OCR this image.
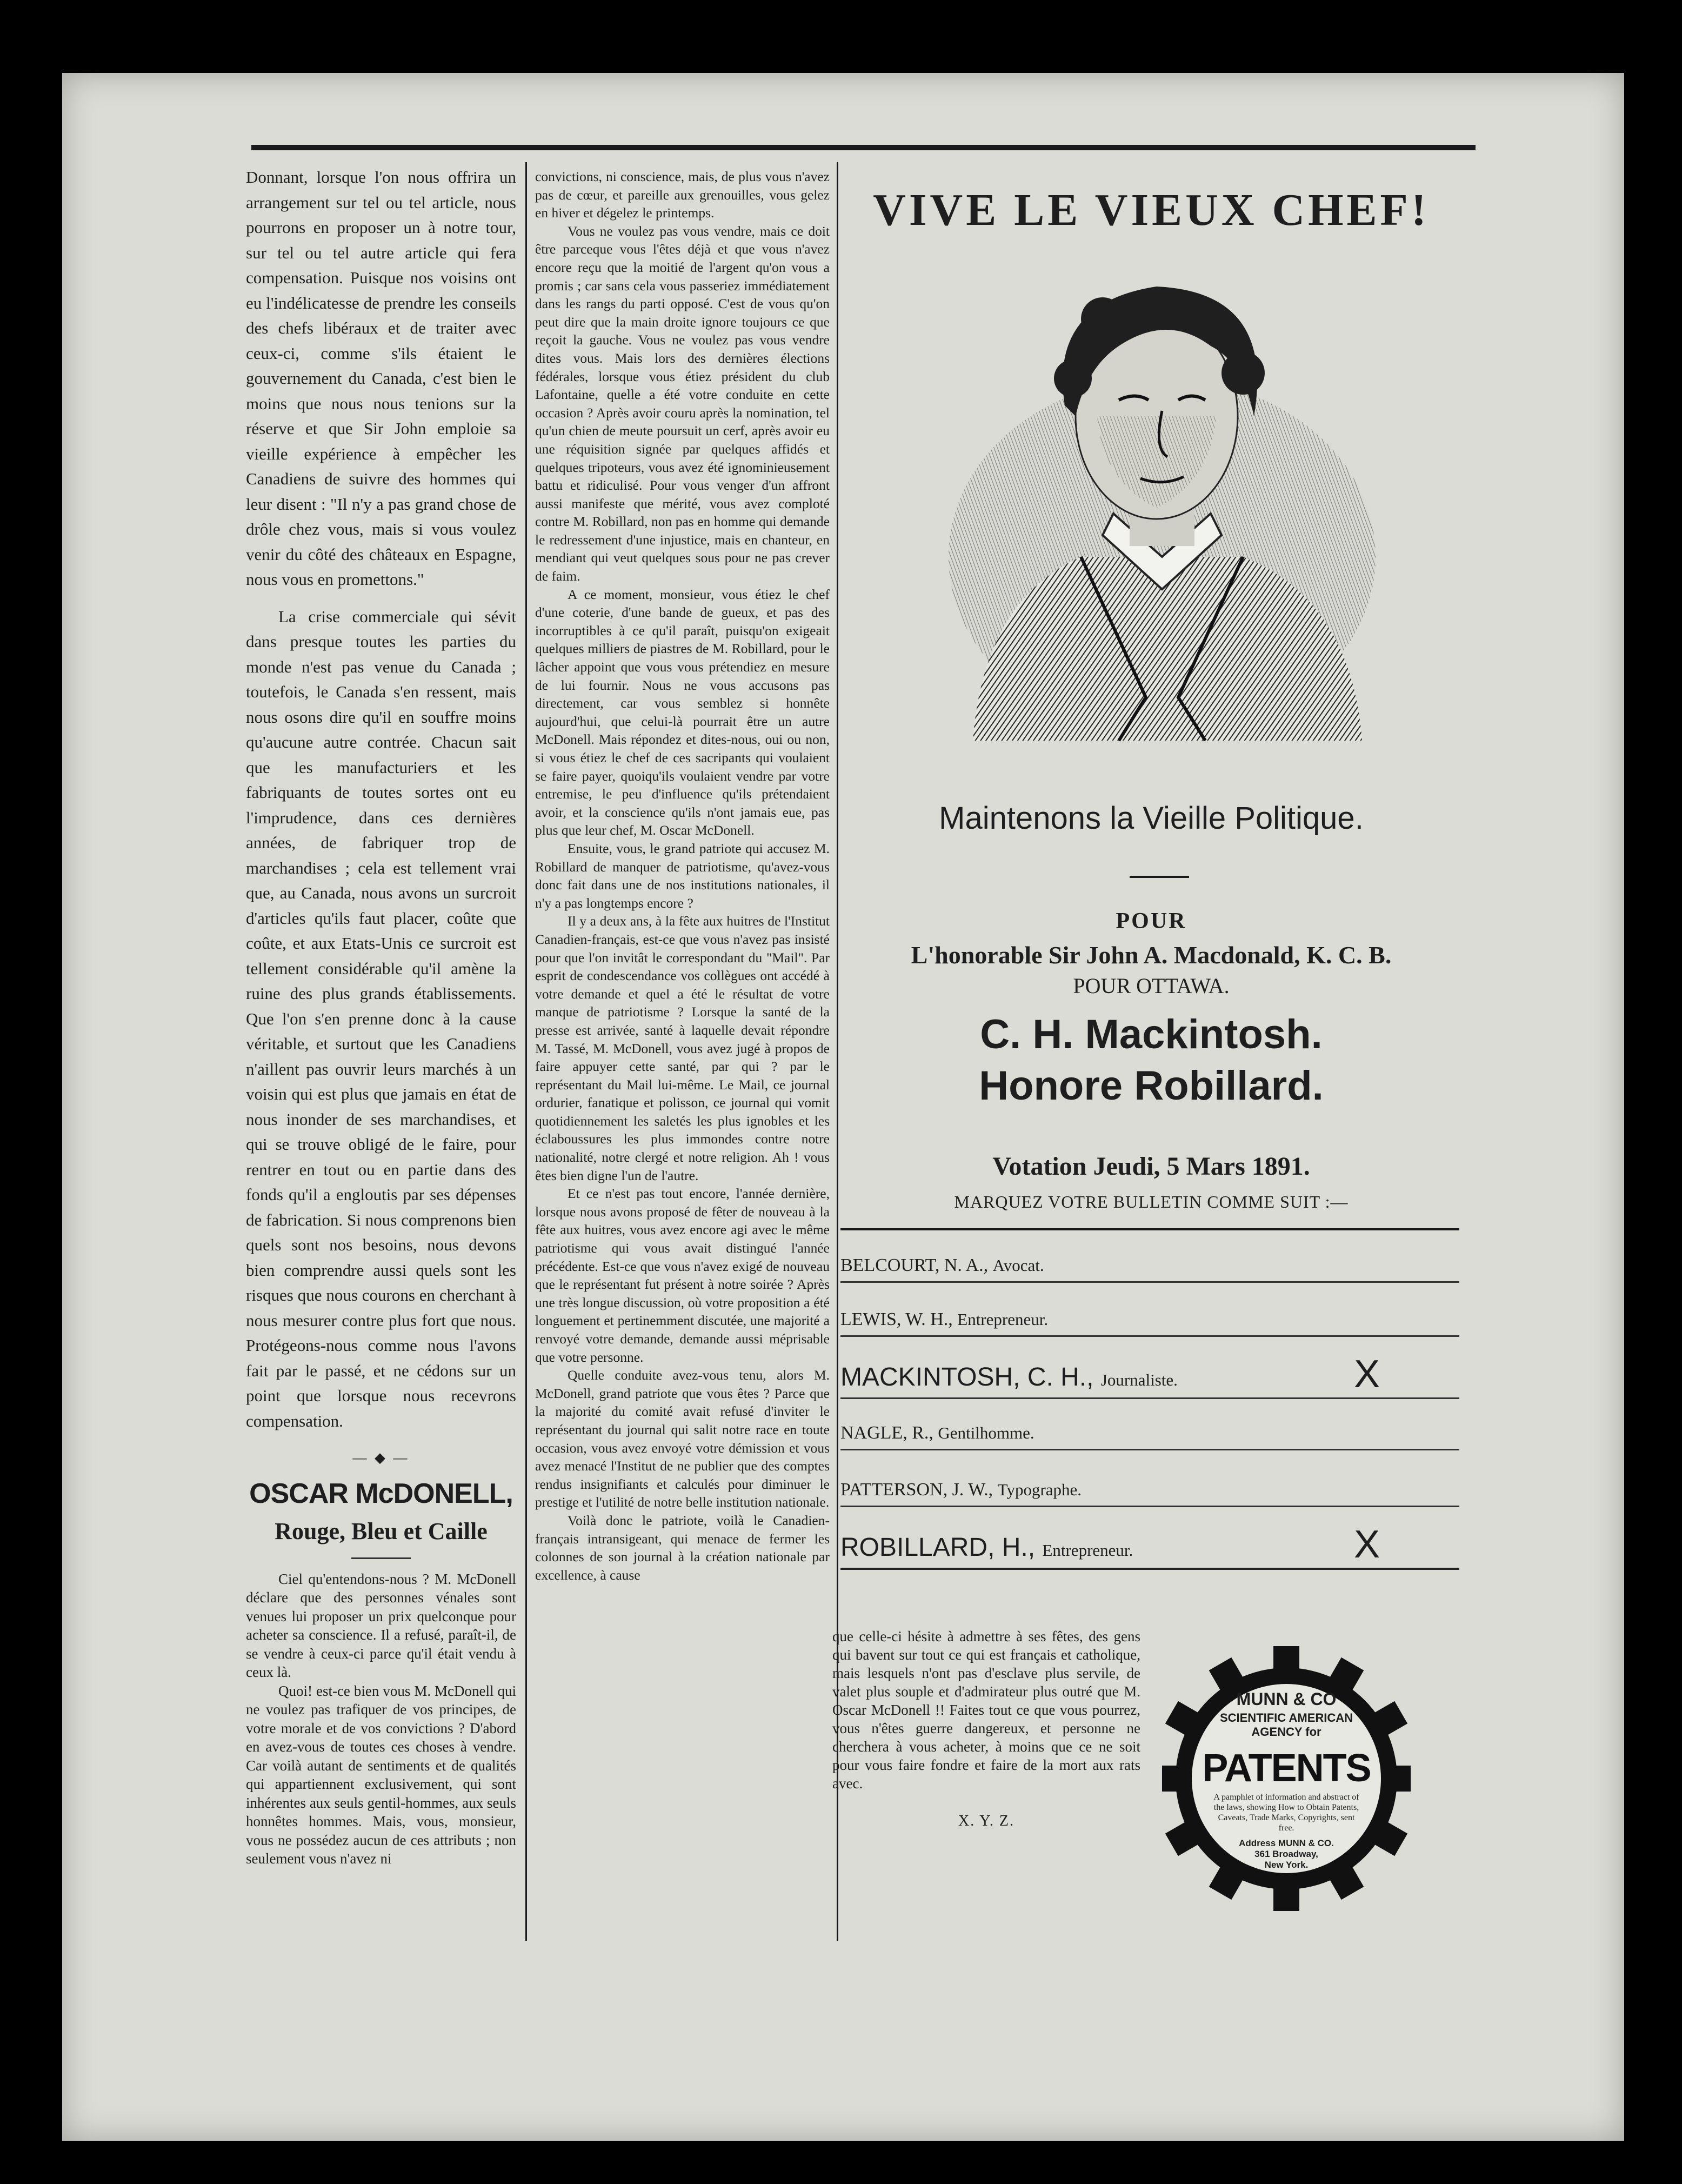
Donnant, lorsque l'on nous offrira un arrangement sur tel ou tel article, nous pourrons en proposer un à notre tour, sur tel ou tel autre article qui fera compensation. Puisque nos voisins ont eu l'indélicatesse de prendre les conseils des chefs libéraux et de traiter avec ceux-ci, comme s'ils étaient le gouvernement du Canada, c'est bien le moins que nous nous tenions sur la réserve et que Sir John emploie sa vieille expérience à empêcher les Canadiens de suivre des hommes qui leur disent : "Il n'y a pas grand chose de drôle chez vous, mais si vous voulez venir du côté des châteaux en Espagne, nous vous en promettons."

La crise commerciale qui sévit dans presque toutes les parties du monde n'est pas venue du Canada ; toutefois, le Canada s'en ressent, mais nous osons dire qu'il en souffre moins qu'aucune autre contrée. Chacun sait que les manufacturiers et les fabriquants de toutes sortes ont eu l'imprudence, dans ces dernières années, de fabriquer trop de marchandises ; cela est tellement vrai que, au Canada, nous avons un surcroit d'articles qu'ils faut placer, coûte que coûte, et aux Etats-Unis ce surcroit est tellement considérable qu'il amène la ruine des plus grands établissements. Que l'on s'en prenne donc à la cause véritable, et surtout que les Canadiens n'aillent pas ouvrir leurs marchés à un voisin qui est plus que jamais en état de nous inonder de ses marchandises, et qui se trouve obligé de le faire, pour rentrer en tout ou en partie dans des fonds qu'il a engloutis par ses dépenses de fabrication. Si nous comprenons bien quels sont nos besoins, nous devons bien comprendre aussi quels sont les risques que nous courons en cherchant à nous mesurer contre plus fort que nous. Protégeons-nous comme nous l'avons fait par le passé, et ne cédons sur un point que lorsque nous recevrons compensation.

— ◆ —
OSCAR McDONELL,
Rouge, Bleu et Caille

Ciel qu'entendons-nous ? M. McDonell déclare que des personnes vénales sont venues lui proposer un prix quelconque pour acheter sa conscience. Il a refusé, paraît-il, de se vendre à ceux-ci parce qu'il était vendu à ceux là.

Quoi! est-ce bien vous M. McDonell qui ne voulez pas trafiquer de vos principes, de votre morale et de vos convictions ? D'abord en avez-vous de toutes ces choses à vendre. Car voilà autant de sentiments et de qualités qui appartiennent exclusivement, qui sont inhérentes aux seuls gentil-hommes, aux seuls honnêtes hommes. Mais, vous, monsieur, vous ne possédez aucun de ces attributs ; non seulement vous n'avez ni

convictions, ni conscience, mais, de plus vous n'avez pas de cœur, et pareille aux grenouilles, vous gelez en hiver et dégelez le printemps.

Vous ne voulez pas vous vendre, mais ce doit être parceque vous l'êtes déjà et que vous n'avez encore reçu que la moitié de l'argent qu'on vous a promis ; car sans cela vous passeriez immédiatement dans les rangs du parti opposé. C'est de vous qu'on peut dire que la main droite ignore toujours ce que reçoit la gauche. Vous ne voulez pas vous vendre dites vous. Mais lors des dernières élections fédérales, lorsque vous étiez président du club Lafontaine, quelle a été votre conduite en cette occasion ? Après avoir couru après la nomination, tel qu'un chien de meute poursuit un cerf, après avoir eu une réquisition signée par quelques affidés et quelques tripoteurs, vous avez été ignominieusement battu et ridiculisé. Pour vous venger d'un affront aussi manifeste que mérité, vous avez comploté contre M. Robillard, non pas en homme qui demande le redressement d'une injustice, mais en chanteur, en mendiant qui veut quelques sous pour ne pas crever de faim.

A ce moment, monsieur, vous étiez le chef d'une coterie, d'une bande de gueux, et pas des incorruptibles à ce qu'il paraît, puisqu'on exigeait quelques milliers de piastres de M. Robillard, pour le lâcher appoint que vous vous prétendiez en mesure de lui fournir. Nous ne vous accusons pas directement, car vous semblez si honnête aujourd'hui, que celui-là pourrait être un autre McDonell. Mais répondez et dites-nous, oui ou non, si vous étiez le chef de ces sacripants qui voulaient se faire payer, quoiqu'ils voulaient vendre par votre entremise, le peu d'influence qu'ils prétendaient avoir, et la conscience qu'ils n'ont jamais eue, pas plus que leur chef, M. Oscar McDonell.

Ensuite, vous, le grand patriote qui accusez M. Robillard de manquer de patriotisme, qu'avez-vous donc fait dans une de nos institutions nationales, il n'y a pas longtemps encore ?

Il y a deux ans, à la fête aux huitres de l'Institut Canadien-français, est-ce que vous n'avez pas insisté pour que l'on invitât le correspondant du "Mail". Par esprit de condescendance vos collègues ont accédé à votre demande et quel a été le résultat de votre manque de patriotisme ? Lorsque la santé de la presse est arrivée, santé à laquelle devait répondre M. Tassé, M. McDonell, vous avez jugé à propos de faire appuyer cette santé, par qui ? par le représentant du Mail lui-même. Le Mail, ce journal ordurier, fanatique et polisson, ce journal qui vomit quotidiennement les saletés les plus ignobles et les éclaboussures les plus immondes contre notre nationalité, notre clergé et notre religion. Ah ! vous êtes bien digne l'un de l'autre.

Et ce n'est pas tout encore, l'année dernière, lorsque nous avons proposé de fêter de nouveau à la fête aux huitres, vous avez encore agi avec le même patriotisme qui vous avait distingué l'année précédente. Est-ce que vous n'avez exigé de nouveau que le représentant fut présent à notre soirée ? Après une très longue discussion, où votre proposition a été longuement et pertinemment discutée, une majorité a renvoyé votre demande, demande aussi méprisable que votre personne.

Quelle conduite avez-vous tenu, alors M. McDonell, grand patriote que vous êtes ? Parce que la majorité du comité avait refusé d'inviter le représentant du journal qui salit notre race en toute occasion, vous avez envoyé votre démission et vous avez menacé l'Institut de ne publier que des comptes rendus insignifiants et calculés pour diminuer le prestige et l'utilité de notre belle institution nationale.

Voilà donc le patriote, voilà le Canadien-français intransigeant, qui menace de fermer les colonnes de son journal à la création nationale par excellence, à cause

VIVE LE VIEUX CHEF!
Maintenons la Vieille Politique.
POUR
L'honorable Sir John A. Macdonald, K. C. B.
POUR OTTAWA.
C. H. Mackintosh.
Honore Robillard.
Votation Jeudi, 5 Mars 1891.
MARQUEZ VOTRE BULLETIN COMME SUIT :—
BELCOURT, N. A., Avocat.
LEWIS, W. H., Entrepreneur.
MACKINTOSH, C. H., Journaliste.	X
NAGLE, R., Gentilhomme.
PATTERSON, J. W., Typographe.
ROBILLARD, H., Entrepreneur.	X

que celle-ci hésite à admettre à ses fêtes, des gens qui bavent sur tout ce qui est français et catholique, mais lesquels n'ont pas d'esclave plus servile, de valet plus souple et d'admirateur plus outré que M. Oscar McDonell !! Faites tout ce que vous pourrez, vous n'êtes guerre dangereux, et personne ne cherchera à vous acheter, à moins que ce ne soit pour vous faire fondre et faire de la mort aux rats avec.

X. Y. Z.
MUNN & CO
SCIENTIFIC AMERICAN AGENCY for
PATENTS
A pamphlet of information and abstract of the laws, showing How to Obtain Patents, Caveats, Trade Marks, Copyrights, sent free.
Address MUNN & CO.
361 Broadway,
New York.
